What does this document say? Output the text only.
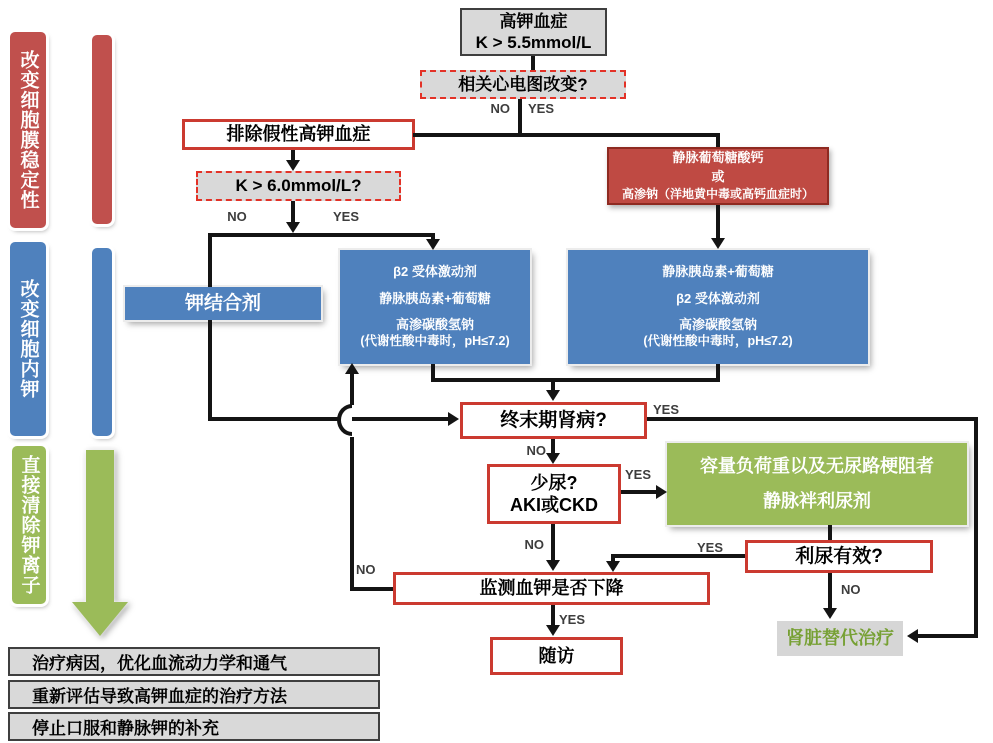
改变细胞膜稳定性
改变细胞内钾
直接清除钾离子
高钾血症
K > 5.5mmol/L
相关心电图改变?
排除假性高钾血症
K > 6.0mmol/L?
静脉葡萄糖酸钙
或
高渗钠（洋地黄中毒或高钙血症时）
钾结合剂
β2 受体激动剂
静脉胰岛素+葡萄糖
高渗碳酸氢钠
(代谢性酸中毒时，pH≤7.2)
静脉胰岛素+葡萄糖
β2 受体激动剂
高渗碳酸氢钠
(代谢性酸中毒时，pH≤7.2)
终末期肾病?
少尿?
AKI或CKD
容量负荷重以及无尿路梗阻者
静脉袢利尿剂
利尿有效?
监测血钾是否下降
随访
肾脏替代治疗
治疗病因，优化血流动力学和通气
重新评估导致高钾血症的治疗方法
停止口服和静脉钾的补充
NO YES
NO	YES
YES
NO
YES
NO	YES
NO
YES
NO
